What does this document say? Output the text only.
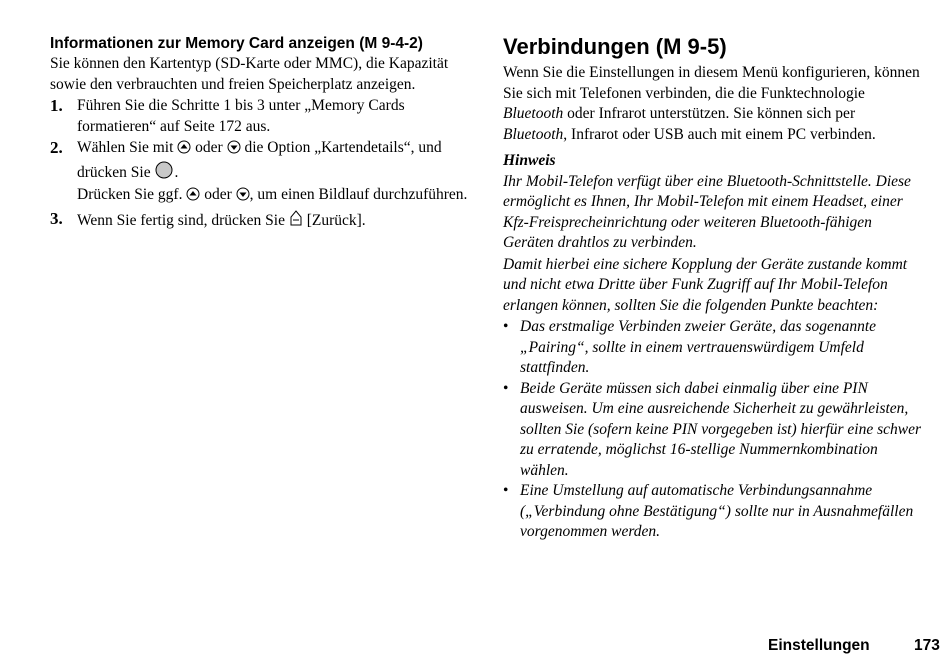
Informationen zur Memory Card anzeigen (M 9-4-2)

Sie können den Kartentyp (SD-Karte oder MMC), die Kapazität sowie den verbrauchten und freien Speicherplatz anzeigen.

1. Führen Sie die Schritte 1 bis 3 unter „Memory Cards formatieren“ auf Seite 172 aus.
2. Wählen Sie mit oder die Option „Kartendetails“, und drücken Sie .
Drücken Sie ggf. oder , um einen Bildlauf durchzuführen.
3. Wenn Sie fertig sind, drücken Sie [Zurück].
Verbindungen (M 9-5)

Wenn Sie die Einstellungen in diesem Menü konfigurieren, können Sie sich mit Telefonen verbinden, die die Funktechnologie Bluetooth oder Infrarot unterstützen. Sie können sich per Bluetooth, Infrarot oder USB auch mit einem PC verbinden.

Hinweis

Ihr Mobil-Telefon verfügt über eine Bluetooth-Schnittstelle. Diese ermöglicht es Ihnen, Ihr Mobil-Telefon mit einem Headset, einer Kfz-Freisprecheinrichtung oder weiteren Bluetooth-fähigen Geräten drahtlos zu verbinden.

Damit hierbei eine sichere Kopplung der Geräte zustande kommt und nicht etwa Dritte über Funk Zugriff auf Ihr Mobil-Telefon erlangen können, sollten Sie die folgenden Punkte beachten:

• Das erstmalige Verbinden zweier Geräte, das sogenannte „Pairing“, sollte in einem vertrauenswürdigem Umfeld stattfinden.
• Beide Geräte müssen sich dabei einmalig über eine PIN ausweisen. Um eine ausreichende Sicherheit zu gewährleisten, sollten Sie (sofern keine PIN vorgegeben ist) hierfür eine schwer zu erratende, möglichst 16-stellige Nummernkombination wählen.
• Eine Umstellung auf automatische Verbindungsannahme („Verbindung ohne Bestätigung“) sollte nur in Ausnahmefällen vorgenommen werden.
Einstellungen	173
